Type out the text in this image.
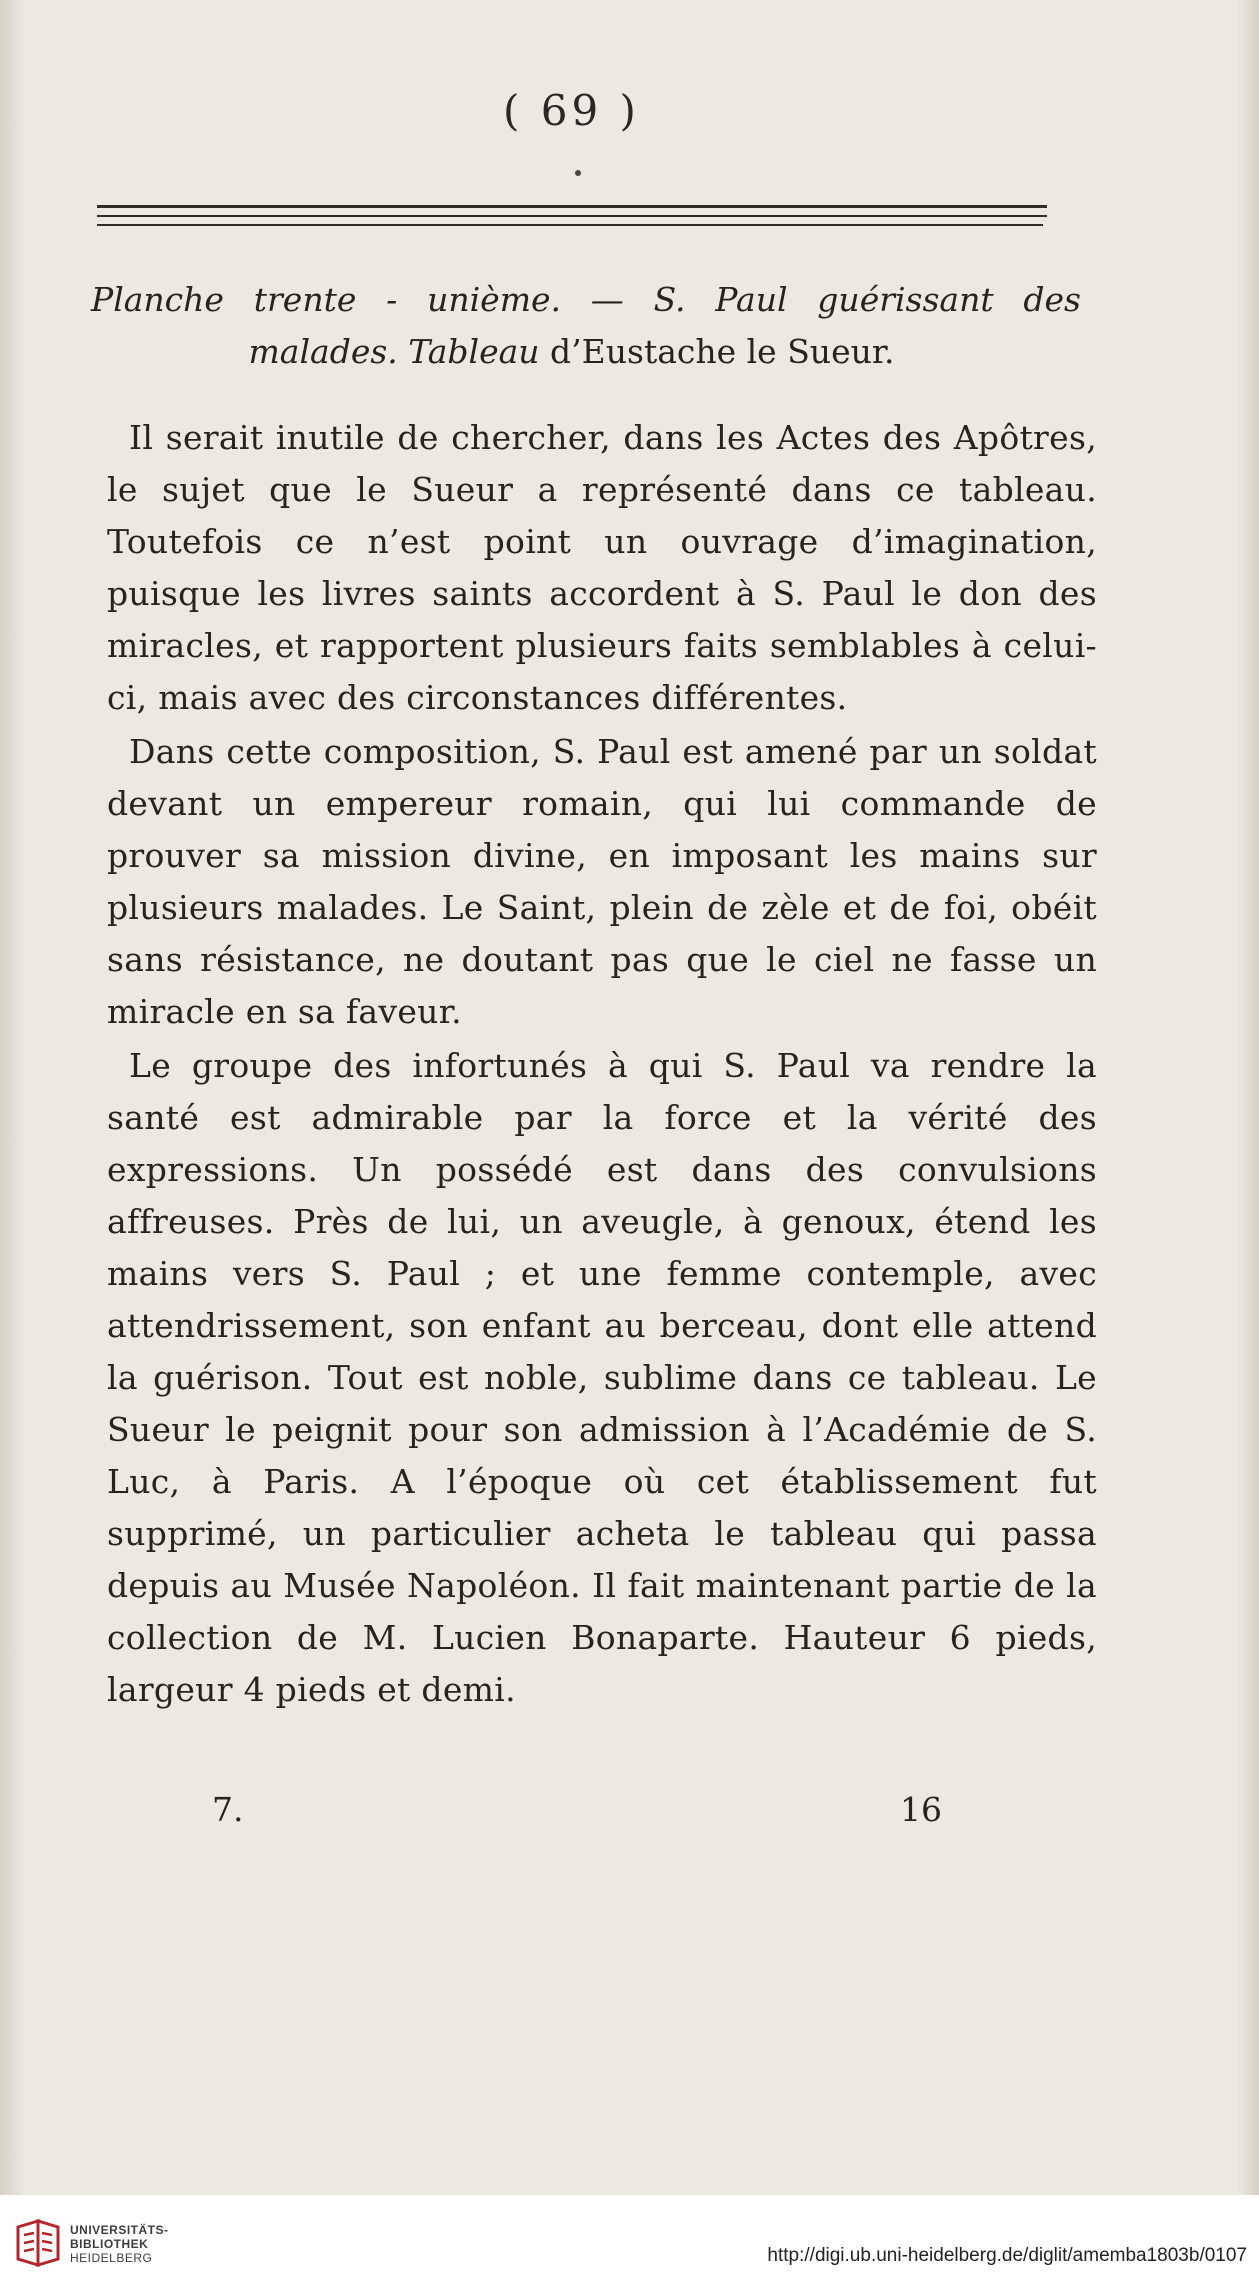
( 69 )
Planche trente - unième. — S. Paul guérissant des
malades. Tableau d’Eustache le Sueur.

Il serait inutile de chercher, dans les Actes des Apôtres, le sujet que le Sueur a représenté dans ce tableau. Toutefois ce n’est point un ouvrage d’imagination, puisque les livres saints accordent à S. Paul le don des miracles, et rapportent plusieurs faits semblables à celui-ci, mais avec des circonstances différentes.

Dans cette composition, S. Paul est amené par un soldat devant un empereur romain, qui lui commande de prouver sa mission divine, en imposant les mains sur plusieurs malades. Le Saint, plein de zèle et de foi, obéit sans résistance, ne doutant pas que le ciel ne fasse un miracle en sa faveur.

Le groupe des infortunés à qui S. Paul va rendre la santé est admirable par la force et la vérité des expressions. Un possédé est dans des convulsions affreuses. Près de lui, un aveugle, à genoux, étend les mains vers S. Paul ; et une femme contemple, avec attendrissement, son enfant au berceau, dont elle attend la guérison. Tout est noble, sublime dans ce tableau. Le Sueur le peignit pour son admission à l’Académie de S. Luc, à Paris. A l’époque où cet établissement fut supprimé, un particulier acheta le tableau qui passa depuis au Musée Napoléon. Il fait maintenant partie de la collection de M. Lucien Bonaparte. Hauteur 6 pieds, largeur 4 pieds et demi.

7.	16
UNIVERSITÄTS-
BIBLIOTHEK
HEIDELBERG	http://digi.ub.uni-heidelberg.de/diglit/amemba1803b/0107
